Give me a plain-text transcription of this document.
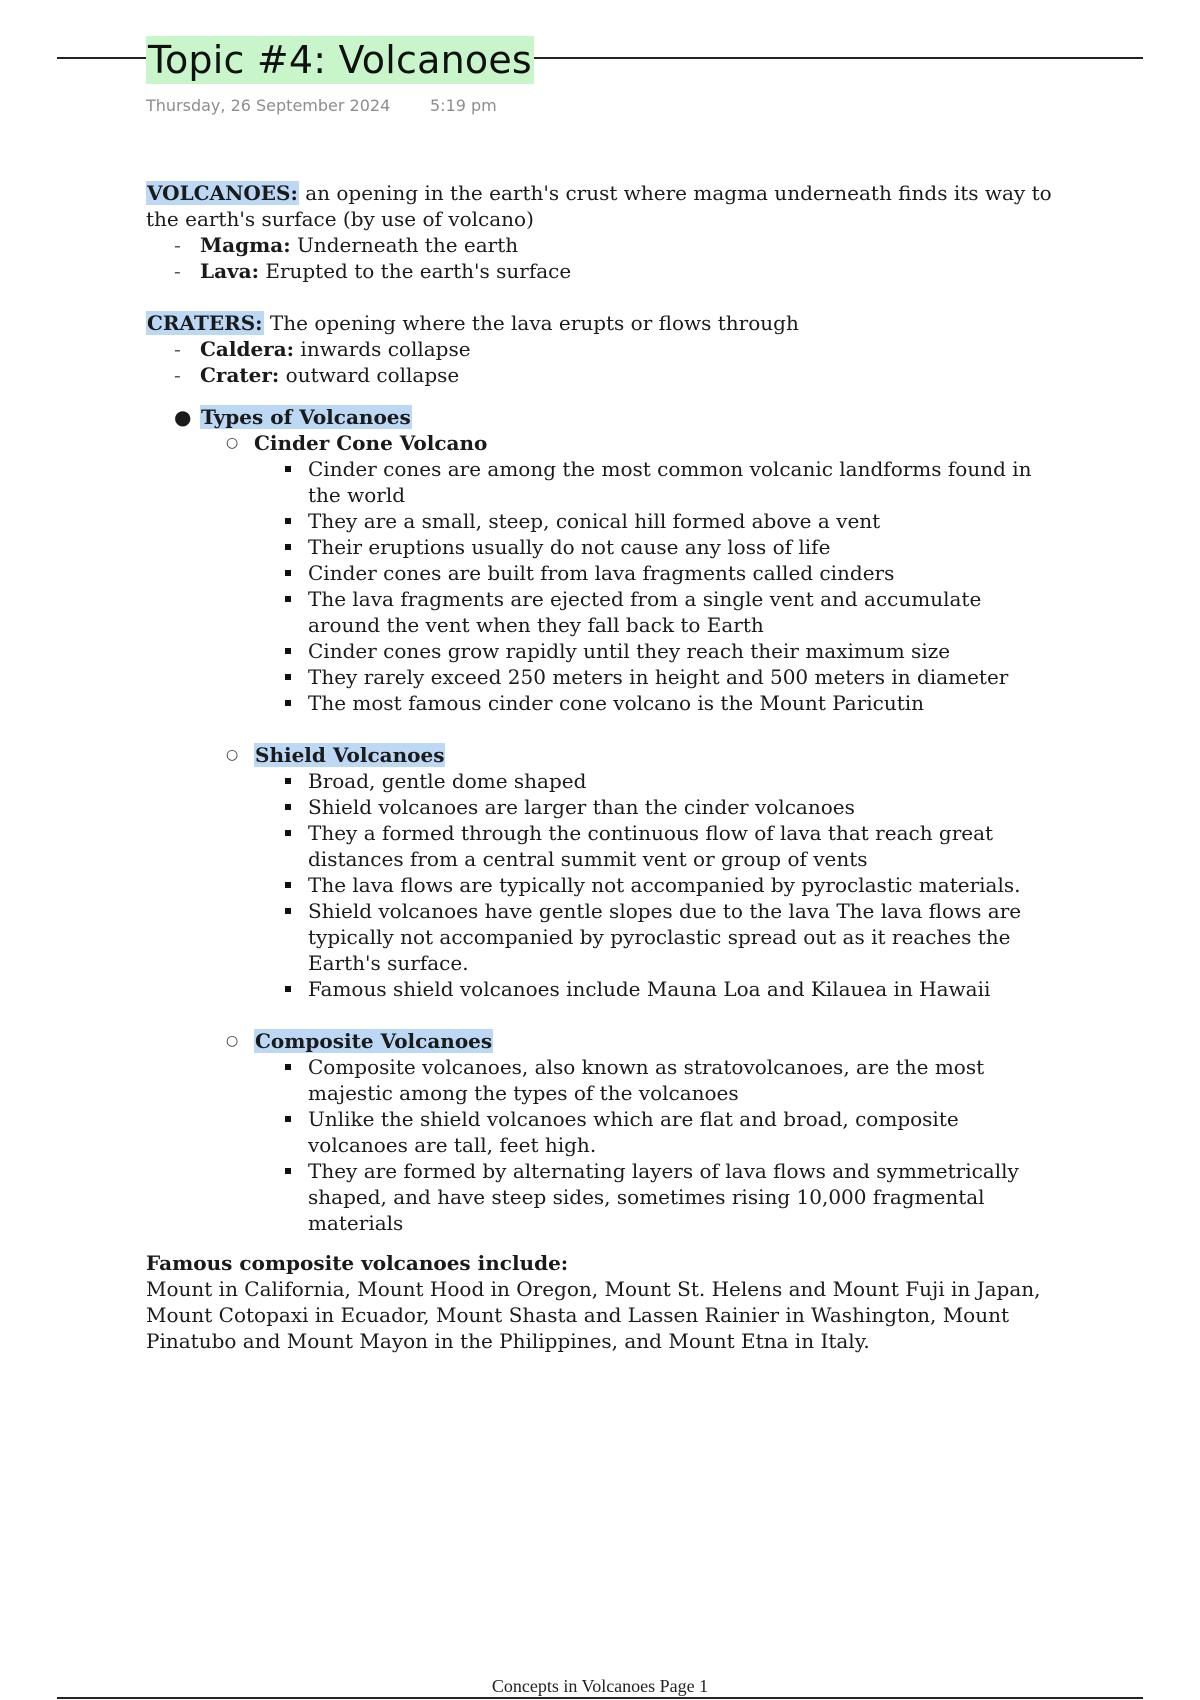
Topic #4: Volcanoes
Thursday, 26 September 2024 5:19 pm

VOLCANOES: an opening in the earth's crust where magma underneath finds its way to the earth's surface (by use of volcano)

- Magma: Underneath the earth
- Lava: Erupted to the earth's surface

CRATERS: The opening where the lava erupts or flows through

- Caldera: inwards collapse
- Crater: outward collapse
● Types of Volcanoes
○ Cinder Cone Volcano
Cinder cones are among the most common volcanic landforms found in the world
They are a small, steep, conical hill formed above a vent
Their eruptions usually do not cause any loss of life
Cinder cones are built from lava fragments called cinders
The lava fragments are ejected from a single vent and accumulate around the vent when they fall back to Earth
Cinder cones grow rapidly until they reach their maximum size
They rarely exceed 250 meters in height and 500 meters in diameter
The most famous cinder cone volcano is the Mount Paricutin
○ Shield Volcanoes
Broad, gentle dome shaped
Shield volcanoes are larger than the cinder volcanoes
They a formed through the continuous flow of lava that reach great distances from a central summit vent or group of vents
The lava flows are typically not accompanied by pyroclastic materials.
Shield volcanoes have gentle slopes due to the lava The lava flows are typically not accompanied by pyroclastic spread out as it reaches the Earth's surface.
Famous shield volcanoes include Mauna Loa and Kilauea in Hawaii
○ Composite Volcanoes
Composite volcanoes, also known as stratovolcanoes, are the most majestic among the types of the volcanoes
Unlike the shield volcanoes which are flat and broad, composite volcanoes are tall, feet high.
They are formed by alternating layers of lava flows and symmetrically shaped, and have steep sides, sometimes rising 10,000 fragmental materials

Famous composite volcanoes include:

Mount in California, Mount Hood in Oregon, Mount St. Helens and Mount Fuji in Japan, Mount Cotopaxi in Ecuador, Mount Shasta and Lassen Rainier in Washington, Mount Pinatubo and Mount Mayon in the Philippines, and Mount Etna in Italy.

Concepts in Volcanoes Page 1
